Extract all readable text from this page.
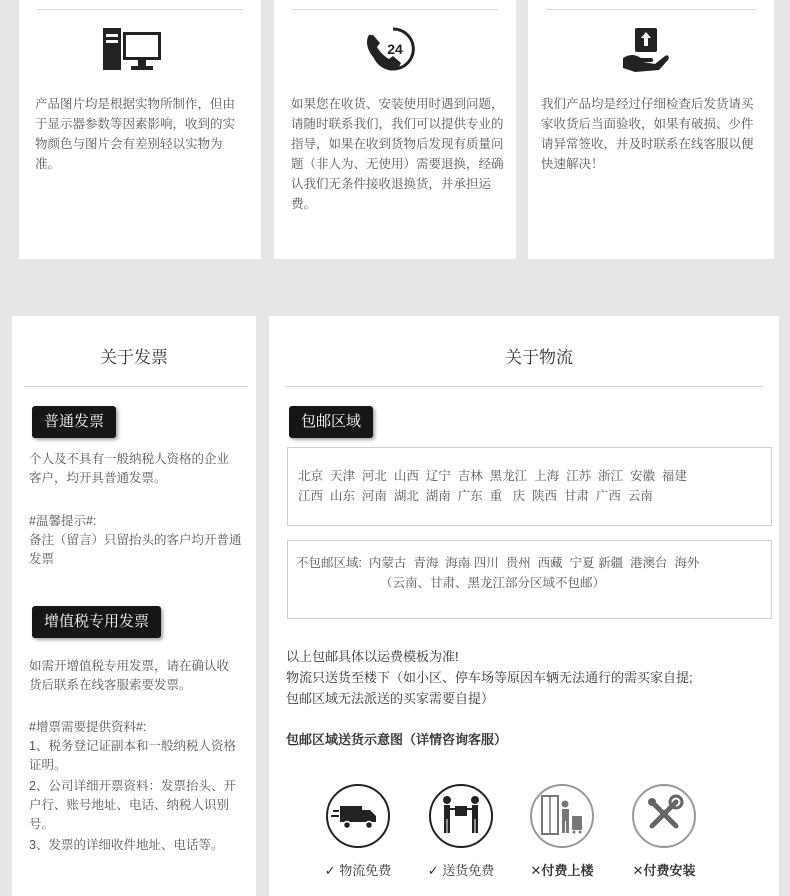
产品图片均是根据实物所制作，但由于显示器参数等因素影响，收到的实物颜色与图片会有差别轻以实物为准。
24
如果您在收货、安装使用时遇到问题，请随时联系我们，我们可以提供专业的指导，如果在收到货物后发现有质量问题（非人为、无使用）需要退换，经确认我们无条件接收退换货，并承担运费。
我们产品均是经过仔细检查后发货请买家收货后当面验收，如果有破损、少件请异常签收，并及时联系在线客服以便快速解决！
关于发票
普通发票
个人及不具有一般纳税人资格的企业客户，均开具普通发票。
#温馨提示#:
备注（留言）只留抬头的客户均开普通发票
增值税专用发票
如需开增值税专用发票，请在确认收货后联系在线客服索要发票。
#增票需要提供资料#:
1、税务登记证副本和一般纳税人资格证明。
2、公司详细开票资料：发票抬头、开户行、账号地址、电话、纳税人识别号。
3、发票的详细收件地址、电话等。
关于物流
包邮区域
北京  天津  河北  山西  辽宁  吉林  黑龙江  上海  江苏  浙江  安徽  福建
江西  山东  河南  湖北  湖南  广东  重   庆  陕西  甘肃  广西  云南
不包邮区域:  内蒙古  青海  海南 四川  贵州  西藏  宁夏 新疆  港澳台  海外
（云南、甘肃、黑龙江部分区域不包邮）
以上包邮具体以运费模板为准!
物流只送货至楼下（如小区、停车场等原因车辆无法通行的需买家自提;
包邮区域无法派送的买家需要自提）
包邮区域送货示意图（详情咨询客服）
✓ 物流免费	✓ 送货免费	✕付费上楼	✕付费安装
